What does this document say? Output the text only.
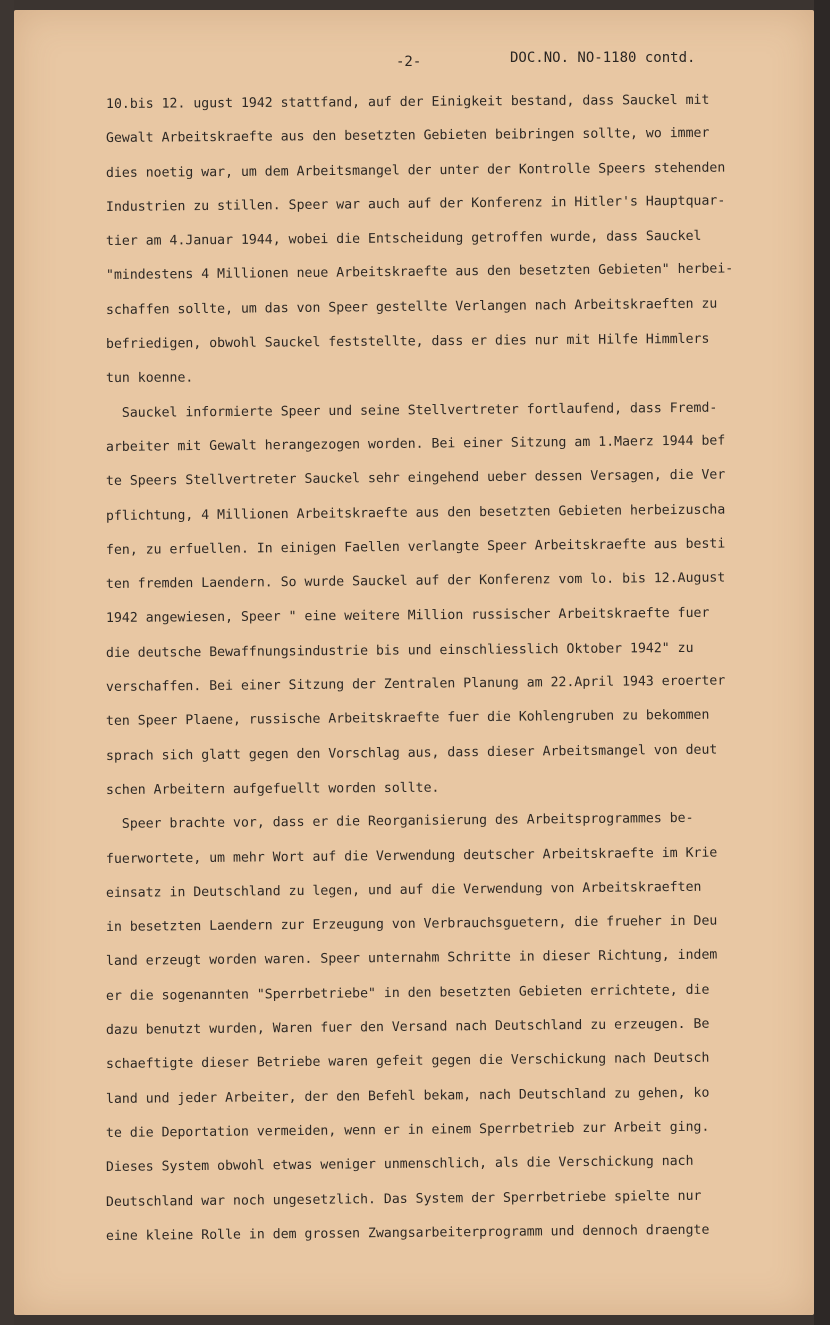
-2-	DOC.NO. NO-1180 contd.
10.bis 12. ugust 1942 stattfand, auf der Einigkeit bestand, dass Sauckel mit
Gewalt Arbeitskraefte aus den besetzten Gebieten beibringen sollte, wo immer
dies noetig war, um dem Arbeitsmangel der unter der Kontrolle Speers stehenden
Industrien zu stillen. Speer war auch auf der Konferenz in Hitler's Hauptquar-
tier am 4.Januar 1944, wobei die Entscheidung getroffen wurde, dass Sauckel
"mindestens 4 Millionen neue Arbeitskraefte aus den besetzten Gebieten" herbei-
schaffen sollte, um das von Speer gestellte Verlangen nach Arbeitskraeften zu
befriedigen, obwohl Sauckel feststellte, dass er dies nur mit Hilfe Himmlers
tun koenne.
Sauckel informierte Speer und seine Stellvertreter fortlaufend, dass Fremd-
arbeiter mit Gewalt herangezogen worden. Bei einer Sitzung am 1.Maerz 1944 bef
te Speers Stellvertreter Sauckel sehr eingehend ueber dessen Versagen, die Ver
pflichtung, 4 Millionen Arbeitskraefte aus den besetzten Gebieten herbeizuscha
fen, zu erfuellen. In einigen Faellen verlangte Speer Arbeitskraefte aus besti
ten fremden Laendern. So wurde Sauckel auf der Konferenz vom lo. bis 12.August
1942 angewiesen, Speer " eine weitere Million russischer Arbeitskraefte fuer
die deutsche Bewaffnungsindustrie bis und einschliesslich Oktober 1942" zu
verschaffen. Bei einer Sitzung der Zentralen Planung am 22.April 1943 eroerter
ten Speer Plaene, russische Arbeitskraefte fuer die Kohlengruben zu bekommen
sprach sich glatt gegen den Vorschlag aus, dass dieser Arbeitsmangel von deut
schen Arbeitern aufgefuellt worden sollte.
Speer brachte vor, dass er die Reorganisierung des Arbeitsprogrammes be-
fuerwortete, um mehr Wort auf die Verwendung deutscher Arbeitskraefte im Krie
einsatz in Deutschland zu legen, und auf die Verwendung von Arbeitskraeften
in besetzten Laendern zur Erzeugung von Verbrauchsguetern, die frueher in Deu
land erzeugt worden waren. Speer unternahm Schritte in dieser Richtung, indem
er die sogenannten "Sperrbetriebe" in den besetzten Gebieten errichtete, die
dazu benutzt wurden, Waren fuer den Versand nach Deutschland zu erzeugen. Be
schaeftigte dieser Betriebe waren gefeit gegen die Verschickung nach Deutsch
land und jeder Arbeiter, der den Befehl bekam, nach Deutschland zu gehen, ko
te die Deportation vermeiden, wenn er in einem Sperrbetrieb zur Arbeit ging.
Dieses System obwohl etwas weniger unmenschlich, als die Verschickung nach
Deutschland war noch ungesetzlich. Das System der Sperrbetriebe spielte nur
eine kleine Rolle in dem grossen Zwangsarbeiterprogramm und dennoch draengte
